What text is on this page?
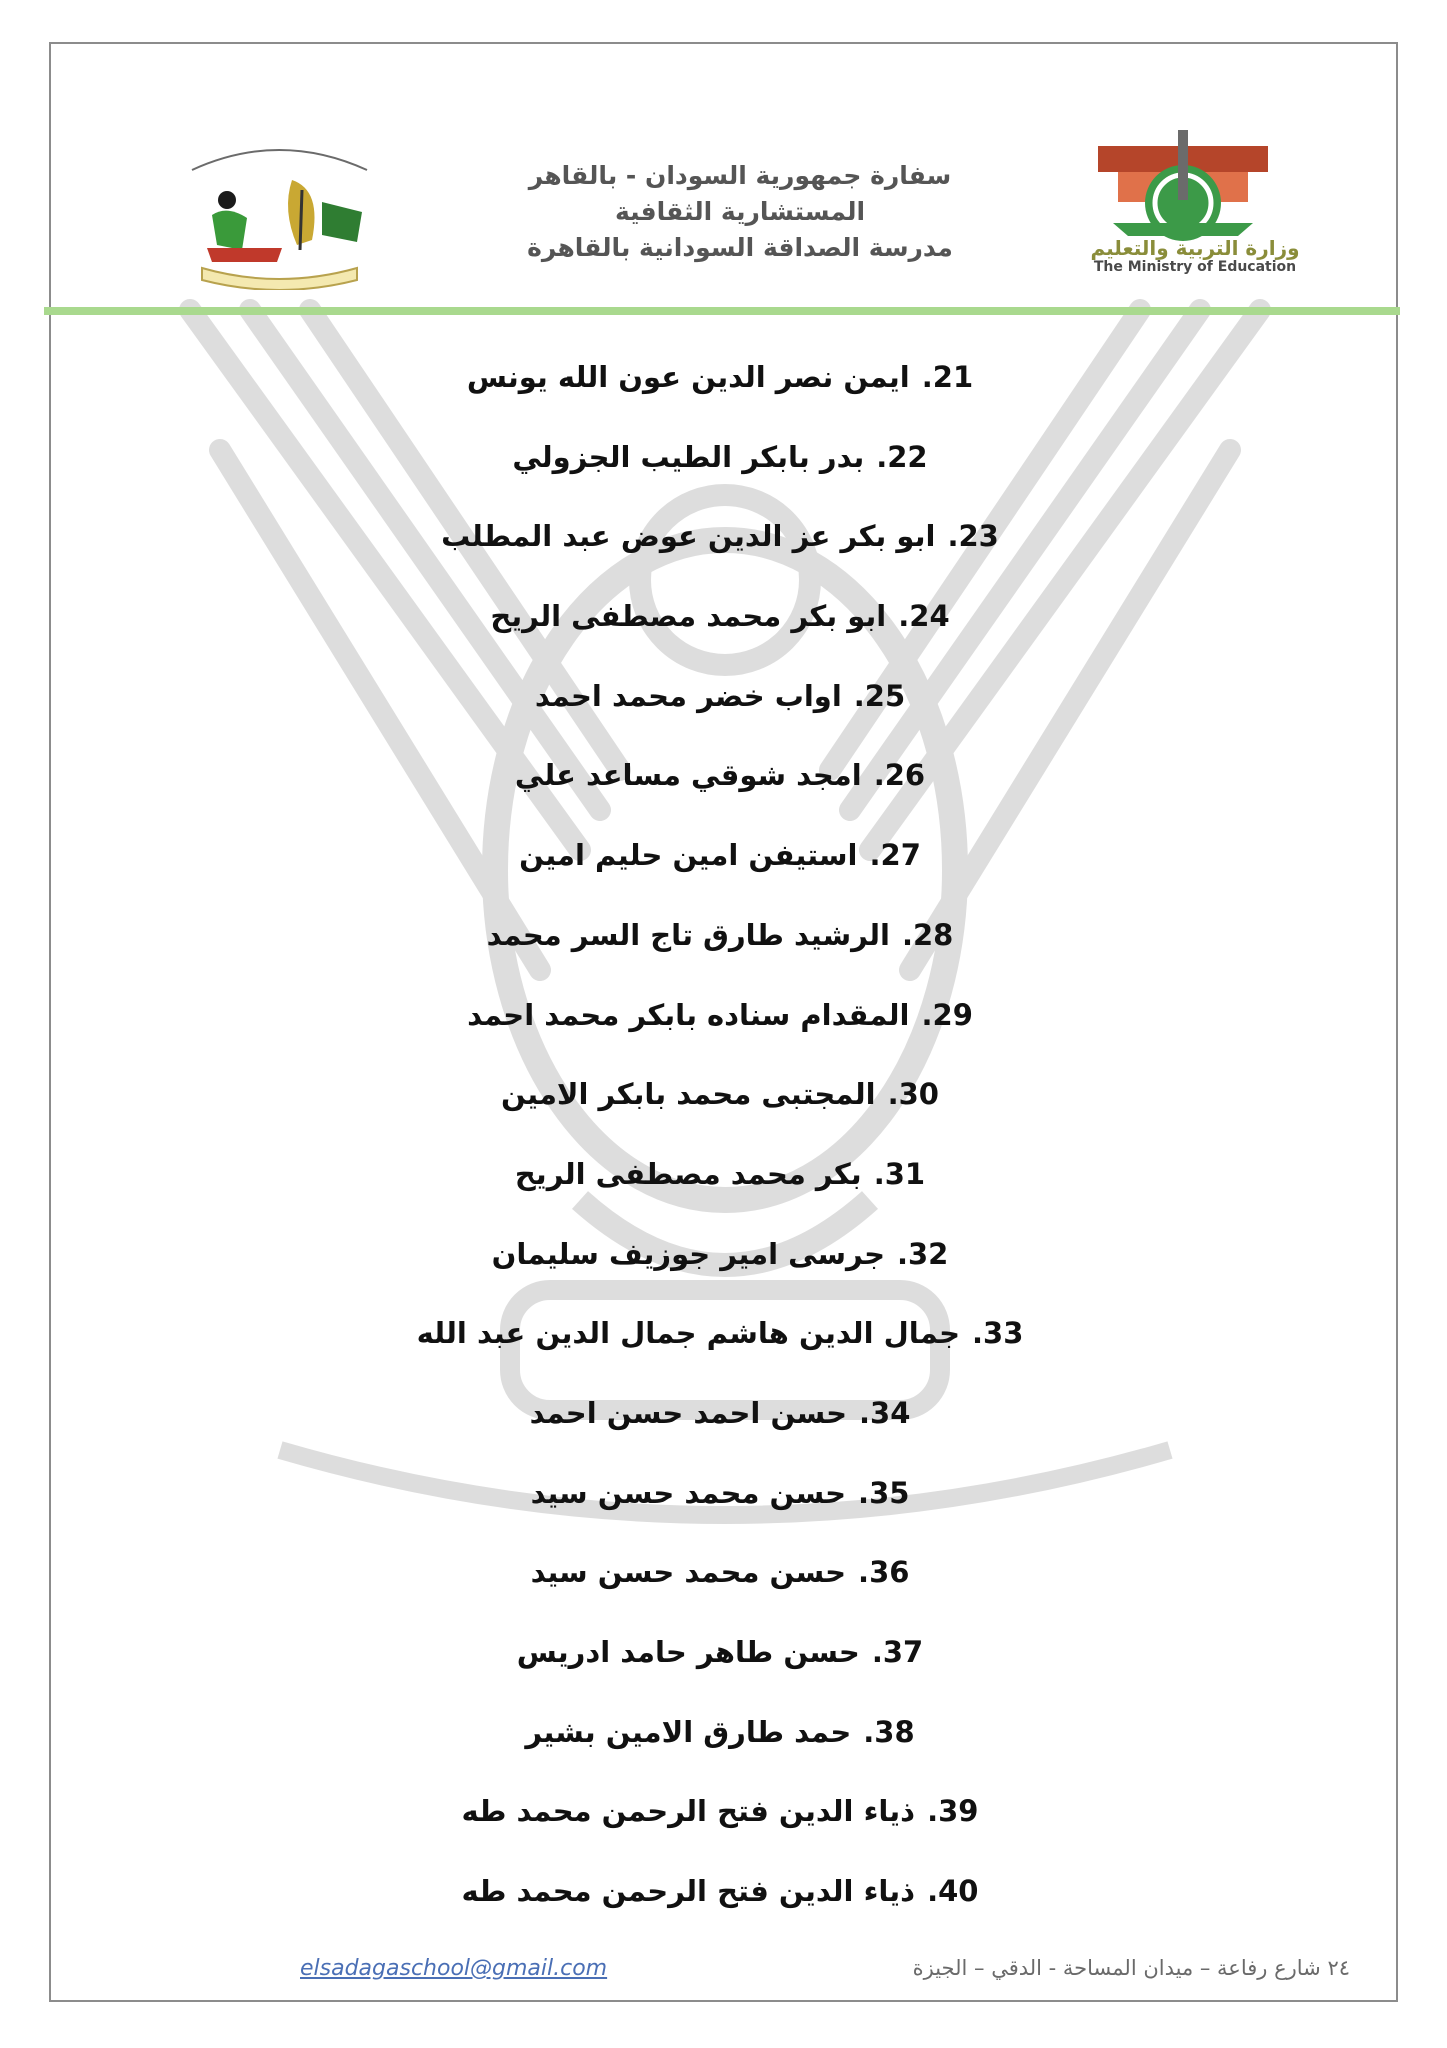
وزارة التربية والتعليم
The Ministry of Education
سفارة جمهورية السودان - بالقاهر
المستشارية الثقافية
مدرسة الصداقة السودانية بالقاهرة
21.ايمن نصر الدين عون الله يونس
22.بدر بابكر الطيب الجزولي
23.ابو بكر عز الدين عوض عبد المطلب
24.ابو بكر محمد مصطفى الريح
25.اواب خضر محمد احمد
26.امجد شوقي مساعد علي
27.استيفن امين حليم امين
28.الرشيد طارق تاج السر محمد
29.المقدام سناده بابكر محمد احمد
30.المجتبى محمد بابكر الامين
31.بكر محمد مصطفى الريح
32.جرسى امير جوزيف سليمان
33.جمال الدين هاشم جمال الدين عبد الله
34.حسن احمد حسن احمد
35.حسن محمد حسن سيد
36.حسن محمد حسن سيد
37.حسن طاهر حامد ادريس
38.حمد طارق الامين بشير
39.ذياء الدين فتح الرحمن محمد طه
40.ذياء الدين فتح الرحمن محمد طه
elsadagaschool@gmail.com	٢٤ شارع رفاعة – ميدان المساحة - الدقي – الجيزة
